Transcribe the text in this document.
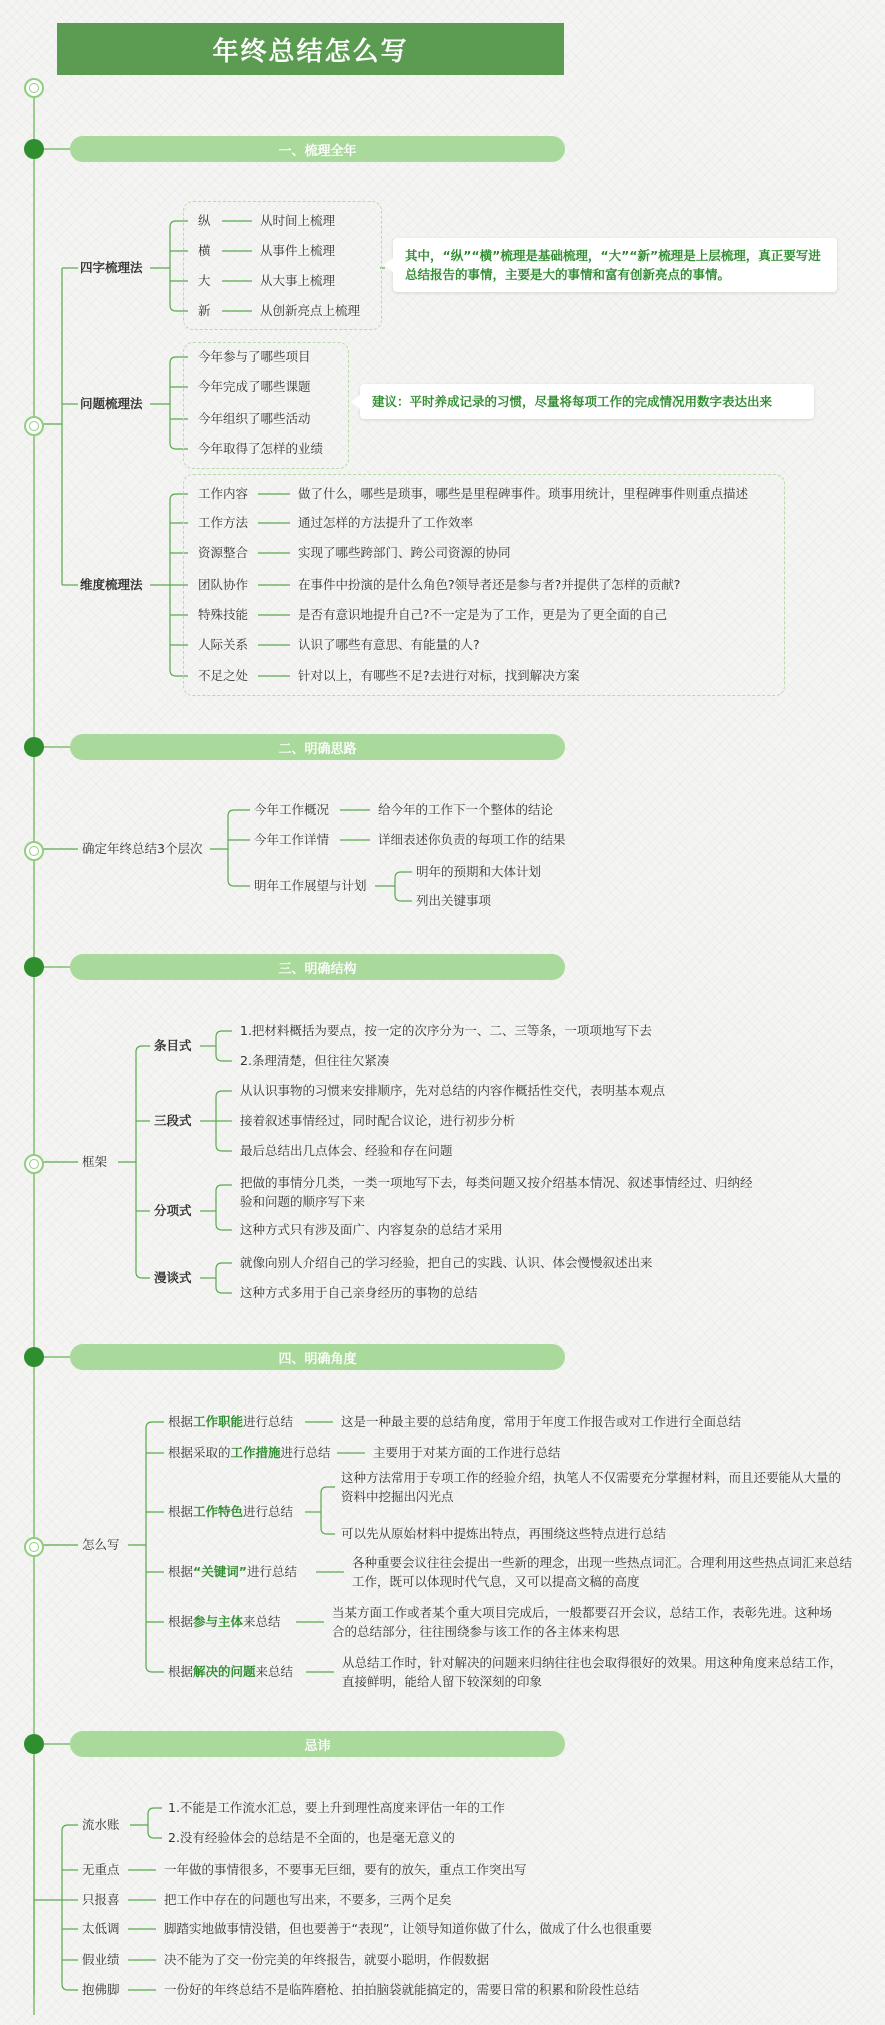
年终总结怎么写
一、梳理全年
二、明确思路
三、明确结构
四、明确角度
忌讳
四字梳理法
纵	从时间上梳理
横	从事件上梳理
大	从大事上梳理
新	从创新亮点上梳理
其中，“纵”“横”梳理是基础梳理，“大”“新”梳理是上层梳理，真正要写进总结报告的事情，主要是大的事情和富有创新亮点的事情。
问题梳理法
今年参与了哪些项目
今年完成了哪些课题
今年组织了哪些活动
今年取得了怎样的业绩
建议：平时养成记录的习惯，尽量将每项工作的完成情况用数字表达出来
维度梳理法
工作内容	做了什么，哪些是琐事，哪些是里程碑事件。琐事用统计，里程碑事件则重点描述
工作方法	通过怎样的方法提升了工作效率
资源整合	实现了哪些跨部门、跨公司资源的协同
团队协作	在事件中扮演的是什么角色?领导者还是参与者?并提供了怎样的贡献?
特殊技能	是否有意识地提升自己?不一定是为了工作，更是为了更全面的自己
人际关系	认识了哪些有意思、有能量的人?
不足之处	针对以上，有哪些不足?去进行对标，找到解决方案
确定年终总结3个层次
今年工作概况	给今年的工作下一个整体的结论
今年工作详情	详细表述你负责的每项工作的结果
明年工作展望与计划
明年的预期和大体计划
列出关键事项
框架
条目式
1.把材料概括为要点，按一定的次序分为一、二、三等条，一项项地写下去
2.条理清楚，但往往欠紧凑
三段式
从认识事物的习惯来安排顺序，先对总结的内容作概括性交代，表明基本观点
接着叙述事情经过，同时配合议论，进行初步分析
最后总结出几点体会、经验和存在问题
分项式
把做的事情分几类，一类一项地写下去，每类问题又按介绍基本情况、叙述事情经过、归纳经验和问题的顺序写下来
这种方式只有涉及面广、内容复杂的总结才采用
漫谈式
就像向别人介绍自己的学习经验，把自己的实践、认识、体会慢慢叙述出来
这种方式多用于自己亲身经历的事物的总结
怎么写
根据工作职能进行总结	这是一种最主要的总结角度，常用于年度工作报告或对工作进行全面总结
根据采取的工作措施进行总结	主要用于对某方面的工作进行总结
根据工作特色进行总结
这种方法常用于专项工作的经验介绍，执笔人不仅需要充分掌握材料，而且还要能从大量的资料中挖掘出闪光点
可以先从原始材料中提炼出特点，再围绕这些特点进行总结
根据“关键词”进行总结
各种重要会议往往会提出一些新的理念，出现一些热点词汇。合理利用这些热点词汇来总结工作，既可以体现时代气息，又可以提高文稿的高度
根据参与主体来总结
当某方面工作或者某个重大项目完成后，一般都要召开会议，总结工作，表彰先进。这种场合的总结部分，往往围绕参与该工作的各主体来构思
根据解决的问题来总结
从总结工作时，针对解决的问题来归纳往往也会取得很好的效果。用这种角度来总结工作，直接鲜明，能给人留下较深刻的印象
流水账
1.不能是工作流水汇总，要上升到理性高度来评估一年的工作
2.没有经验体会的总结是不全面的，也是毫无意义的
无重点	一年做的事情很多，不要事无巨细，要有的放矢，重点工作突出写
只报喜	把工作中存在的问题也写出来，不要多，三两个足矣
太低调	脚踏实地做事情没错，但也要善于“表现”，让领导知道你做了什么，做成了什么也很重要
假业绩	决不能为了交一份完美的年终报告，就耍小聪明，作假数据
抱佛脚	一份好的年终总结不是临阵磨枪、拍拍脑袋就能搞定的，需要日常的积累和阶段性总结
